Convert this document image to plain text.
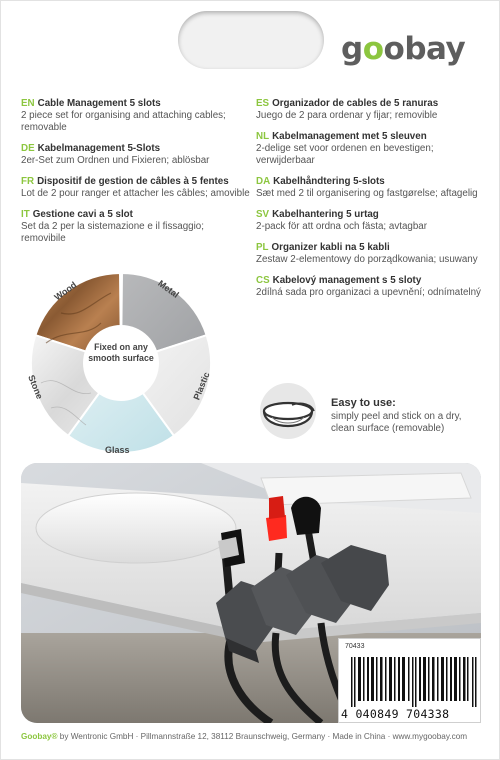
g o obay
EN Cable Management 5 slots
2 piece set for organising and attaching cables; removable
DE Kabelmanagement 5-Slots
2er-Set zum Ordnen und Fixieren; ablösbar
FR Dispositif de gestion de câbles à 5 fentes
Lot de 2 pour ranger et attacher les câbles; amovible
IT Gestione cavi a 5 slot
Set da 2 per la sistemazione e il fissaggio; removibile
ES Organizador de cables de 5 ranuras
Juego de 2 para ordenar y fijar; removible
NL Kabelmanagement met 5 sleuven
2-delige set voor ordenen en bevestigen; verwijderbaar
DA Kabelhåndtering 5-slots
Sæt med 2 til organisering og fastgørelse; aftagelig
SV Kabelhantering 5 urtag
2-pack för att ordna och fästa; avtagbar
PL Organizer kabli na 5 kabli
Zestaw 2-elementowy do porządkowania; usuwany
CS Kabelový management s 5 sloty
2dílná sada pro organizaci a upevnění; odnímatelný
Fixed on any smooth surface
Wood	Metal
Plastic
Glass
Stone
Easy to use:
simply peel and stick on a dry, clean surface (removable)
70433
4 040849 704338
Goobay® by Wentronic GmbH · Pillmannstraße 12, 38112 Braunschweig, Germany · Made in China · www.mygoobay.com
